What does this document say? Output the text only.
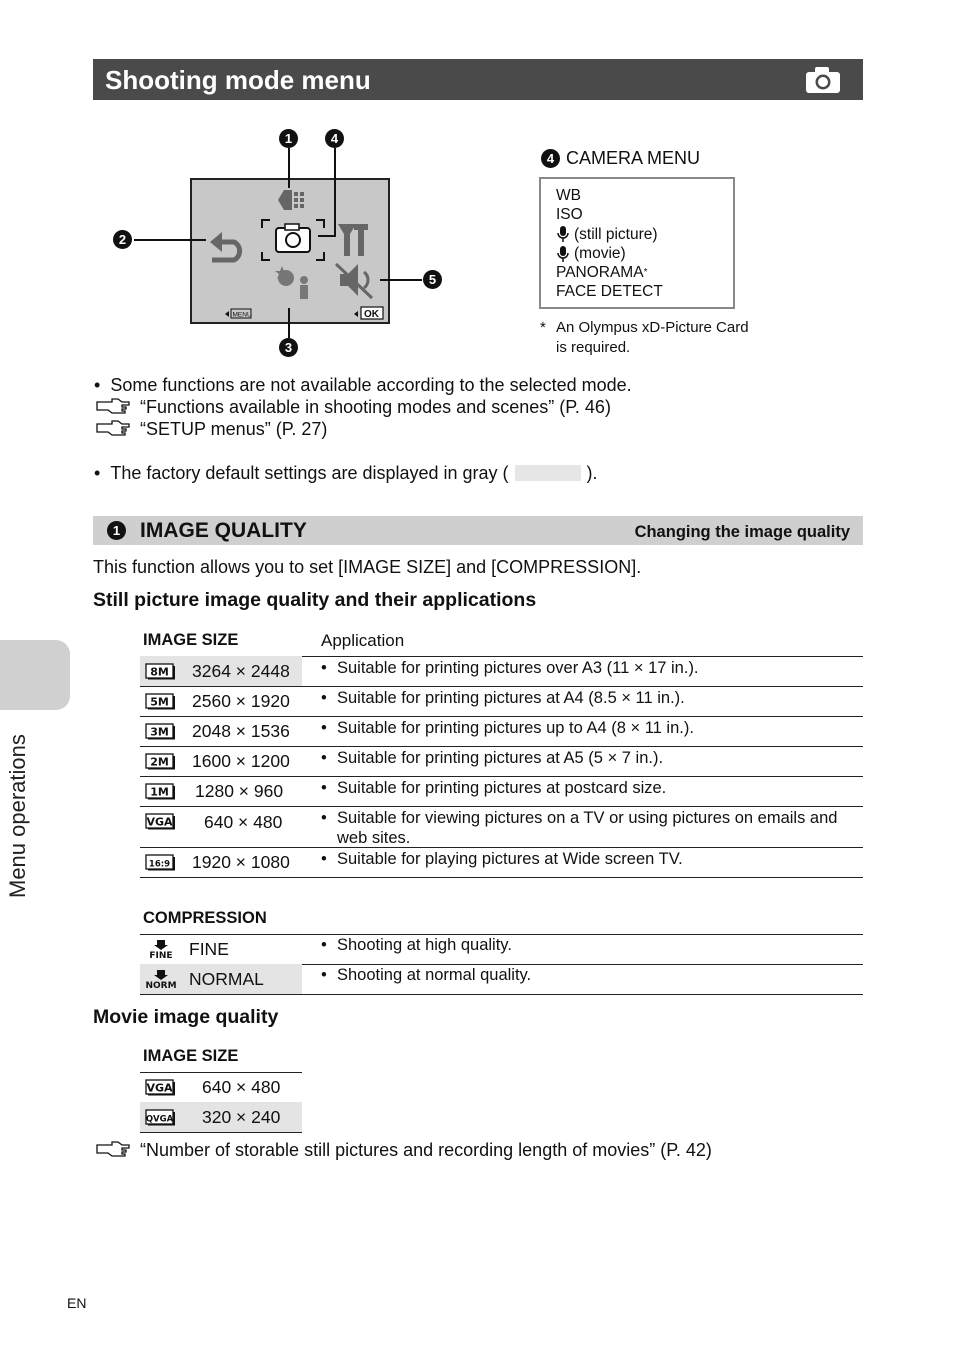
Shooting mode menu
MENU	OK
1	4
2
3
5
4 CAMERA MENU
WB
ISO
(still picture)
(movie)
PANORAMA *
FACE DETECT
* An Olympus xD-Picture Card
is required.
• Some functions are not available according to the selected mode.
“Functions available in shooting modes and scenes” (P. 46)
“SETUP menus” (P. 27)
• The factory default settings are displayed in gray (	).
1 IMAGE QUALITY	Changing the image quality
This function allows you to set [IMAGE SIZE] and [COMPRESSION].
Still picture image quality and their applications
IMAGE SIZE	Application
8M 3264 × 2448 • Suitable for printing pictures over A3 (11 × 17 in.).
5M 2560 × 1920 • Suitable for printing pictures at A4 (8.5 × 11 in.).
3M 2048 × 1536 • Suitable for printing pictures up to A4 (8 × 11 in.).
2M 1600 × 1200 • Suitable for printing pictures at A5 (5 × 7 in.).
1M 1280 × 960 • Suitable for printing pictures at postcard size.
VGA 640 × 480 • Suitable for viewing pictures on a TV or using pictures on emails and web sites.
16:9 1920 × 1080 • Suitable for playing pictures at Wide screen TV.
COMPRESSION
FINE FINE	• Shooting at high quality.
NORM NORMAL	• Shooting at normal quality.
Movie image quality
IMAGE SIZE
VGA 640 × 480
QVGA 320 × 240
“Number of storable still pictures and recording length of movies” (P. 42)
EN
Menu operations
